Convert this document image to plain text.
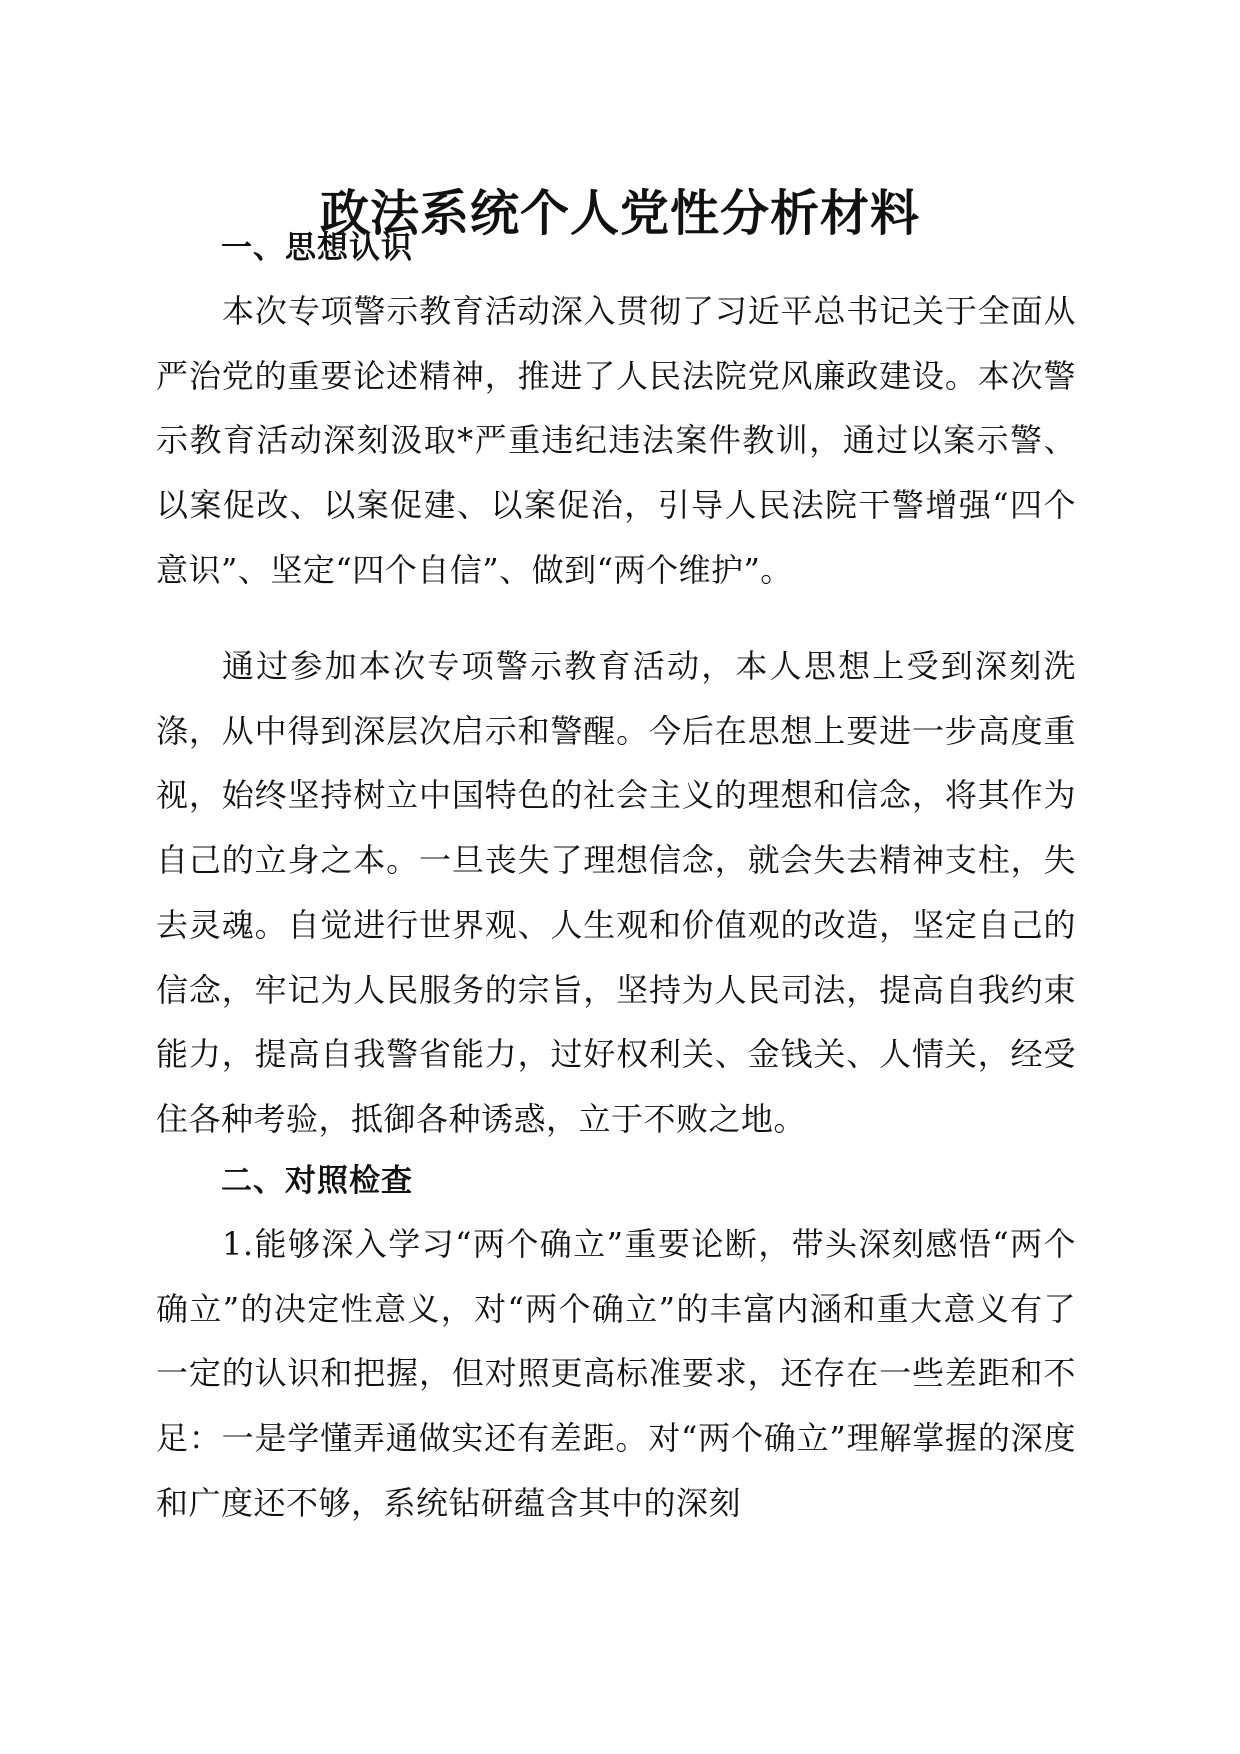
政法系统个人党性分析材料
一、思想认识

本次专项警示教育活动深入贯彻了习近平总书记关于全面从严治党的重要论述精神，推进了人民法院党风廉政建设。本次警示教育活动深刻汲取*严重违纪违法案件教训，通过以案示警、以案促改、以案促建、以案促治，引导人民法院干警增强“四个意识”、坚定“四个自信”、做到“两个维护”。

通过参加本次专项警示教育活动，本人思想上受到深刻洗涤，从中得到深层次启示和警醒。今后在思想上要进一步高度重视，始终坚持树立中国特色的社会主义的理想和信念，将其作为自己的立身之本。一旦丧失了理想信念，就会失去精神支柱，失去灵魂。自觉进行世界观、人生观和价值观的改造，坚定自己的信念，牢记为人民服务的宗旨，坚持为人民司法，提高自我约束能力，提高自我警省能力，过好权利关、金钱关、人情关，经受住各种考验，抵御各种诱惑，立于不败之地。

二、对照检查

1.能够深入学习“两个确立”重要论断，带头深刻感悟“两个确立”的决定性意义，对“两个确立”的丰富内涵和重大意义有了一定的认识和把握，但对照更高标准要求，还存在一些差距和不足：一是学懂弄通做实还有差距。对“两个确立”理解掌握的深度和广度还不够，系统钻研蕴含其中的深刻
